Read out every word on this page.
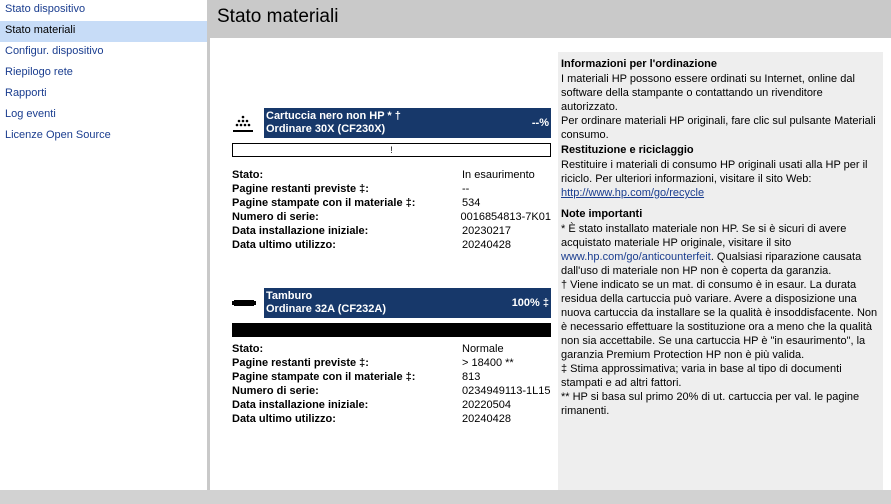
Stato dispositivo
Stato materiali
Configur. dispositivo
Riepilogo rete
Rapporti
Log eventi
Licenze Open Source
Stato materiali
Cartuccia nero non HP * †
Ordinare 30X (CF230X)
--%
!
Stato:	In esaurimento
Pagine restanti previste ‡:	--
Pagine stampate con il materiale ‡:	534
Numero di serie:	0016854813-7K01
Data installazione iniziale:	20230217
Data ultimo utilizzo:	20240428
Tamburo
Ordinare 32A (CF232A)
100% ‡
Stato:	Normale
Pagine restanti previste ‡:	> 18400 **
Pagine stampate con il materiale ‡:	813
Numero di serie:	0234949113-1L15
Data installazione iniziale:	20220504
Data ultimo utilizzo:	20240428
Informazioni per l'ordinazione

I materiali HP possono essere ordinati su Internet, online dal software della stampante o contattando un rivenditore autorizzato.

Per ordinare materiali HP originali, fare clic sul pulsante Materiali consumo.

Restituzione e riciclaggio

Restituire i materiali di consumo HP originali usati alla HP per il riciclo. Per ulteriori informazioni, visitare il sito Web:

http://www.hp.com/go/recycle

Note importanti

* È stato installato materiale non HP. Se si è sicuri di avere acquistato materiale HP originale, visitare il sito www.hp.com/go/anticounterfeit. Qualsiasi riparazione causata dall'uso di materiale non HP non è coperta da garanzia.

† Viene indicato se un mat. di consumo è in esaur. La durata residua della cartuccia può variare. Avere a disposizione una nuova cartuccia da installare se la qualità è insoddisfacente. Non è necessario effettuare la sostituzione ora a meno che la qualità non sia accettabile. Se una cartuccia HP è "in esaurimento", la garanzia Premium Protection HP non è più valida.

‡ Stima approssimativa; varia in base al tipo di documenti stampati e ad altri fattori.

** HP si basa sul primo 20% di ut. cartuccia per val. le pagine rimanenti.
